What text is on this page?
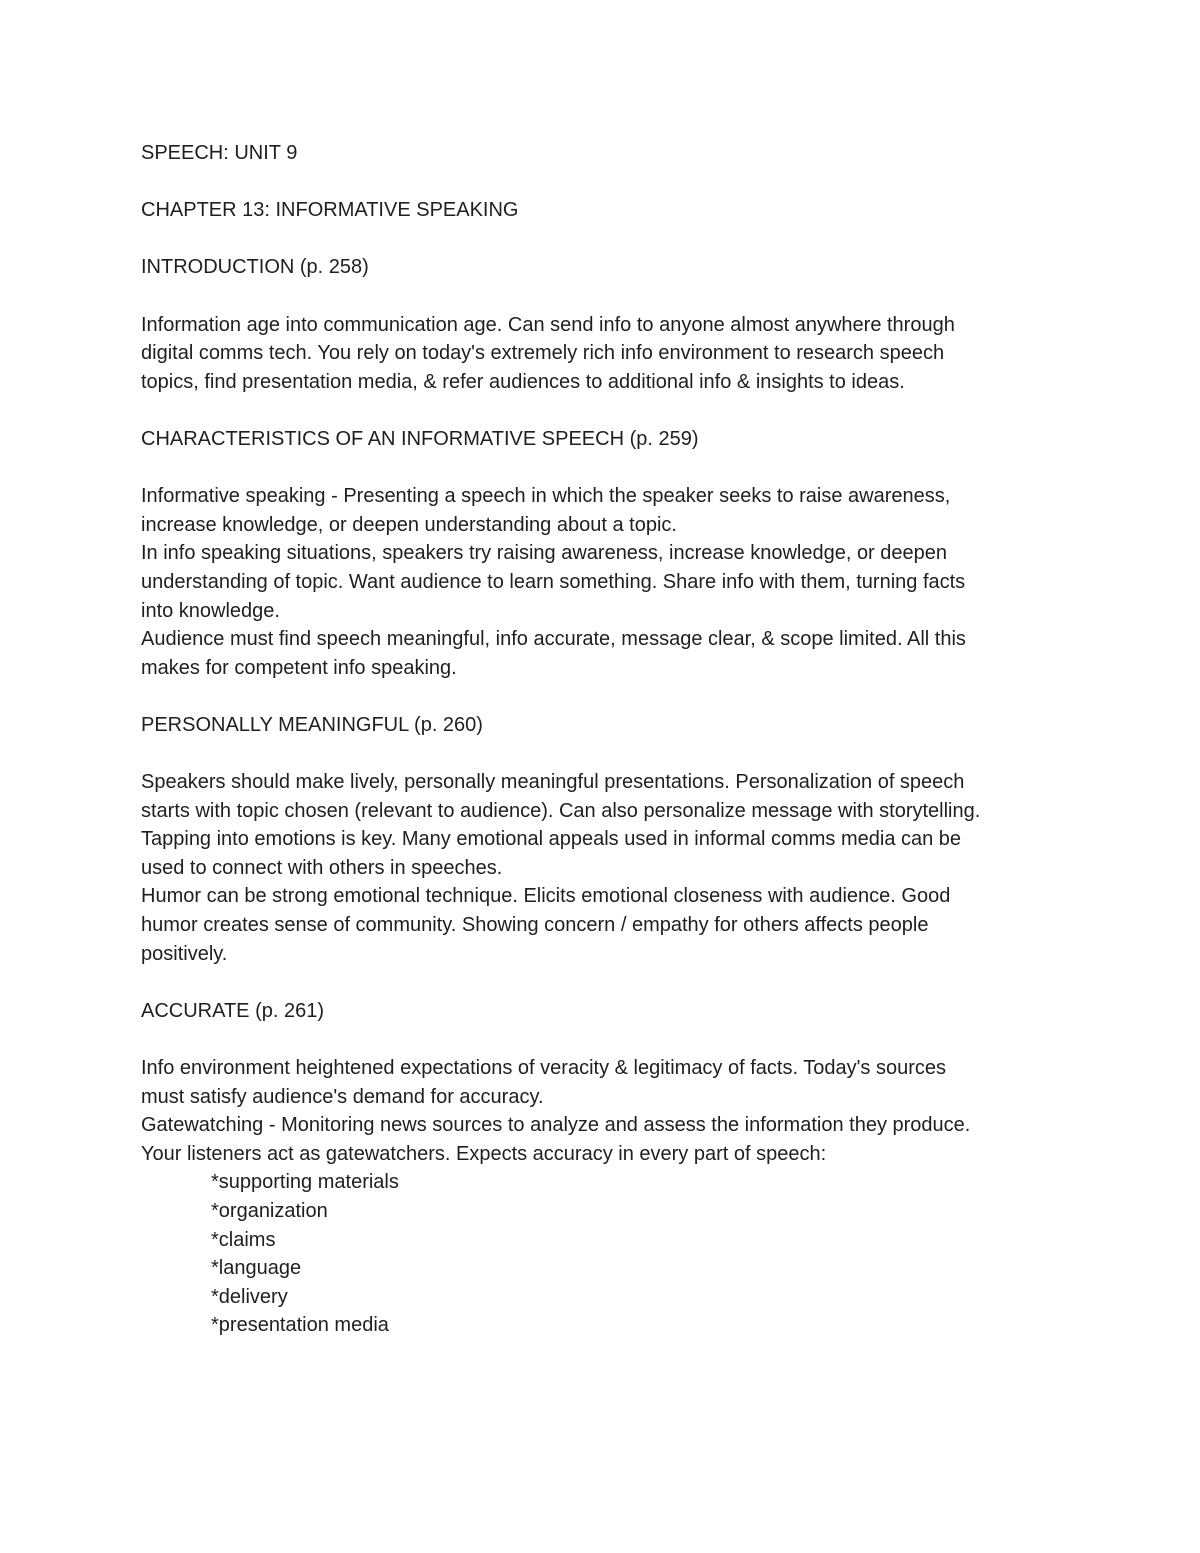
SPEECH: UNIT 9
CHAPTER 13: INFORMATIVE SPEAKING
INTRODUCTION (p. 258)
Information age into communication age. Can send info to anyone almost anywhere through
digital comms tech. You rely on today's extremely rich info environment to research speech
topics, find presentation media, & refer audiences to additional info & insights to ideas.
CHARACTERISTICS OF AN INFORMATIVE SPEECH (p. 259)
Informative speaking - Presenting a speech in which the speaker seeks to raise awareness,
increase knowledge, or deepen understanding about a topic.
In info speaking situations, speakers try raising awareness, increase knowledge, or deepen
understanding of topic. Want audience to learn something. Share info with them, turning facts
into knowledge.
Audience must find speech meaningful, info accurate, message clear, & scope limited. All this
makes for competent info speaking.
PERSONALLY MEANINGFUL (p. 260)
Speakers should make lively, personally meaningful presentations. Personalization of speech
starts with topic chosen (relevant to audience). Can also personalize message with storytelling.
Tapping into emotions is key. Many emotional appeals used in informal comms media can be
used to connect with others in speeches.
Humor can be strong emotional technique. Elicits emotional closeness with audience. Good
humor creates sense of community. Showing concern / empathy for others affects people
positively.
ACCURATE (p. 261)
Info environment heightened expectations of veracity & legitimacy of facts. Today's sources
must satisfy audience's demand for accuracy.
Gatewatching - Monitoring news sources to analyze and assess the information they produce.
Your listeners act as gatewatchers. Expects accuracy in every part of speech:
*supporting materials
*organization
*claims
*language
*delivery
*presentation media
